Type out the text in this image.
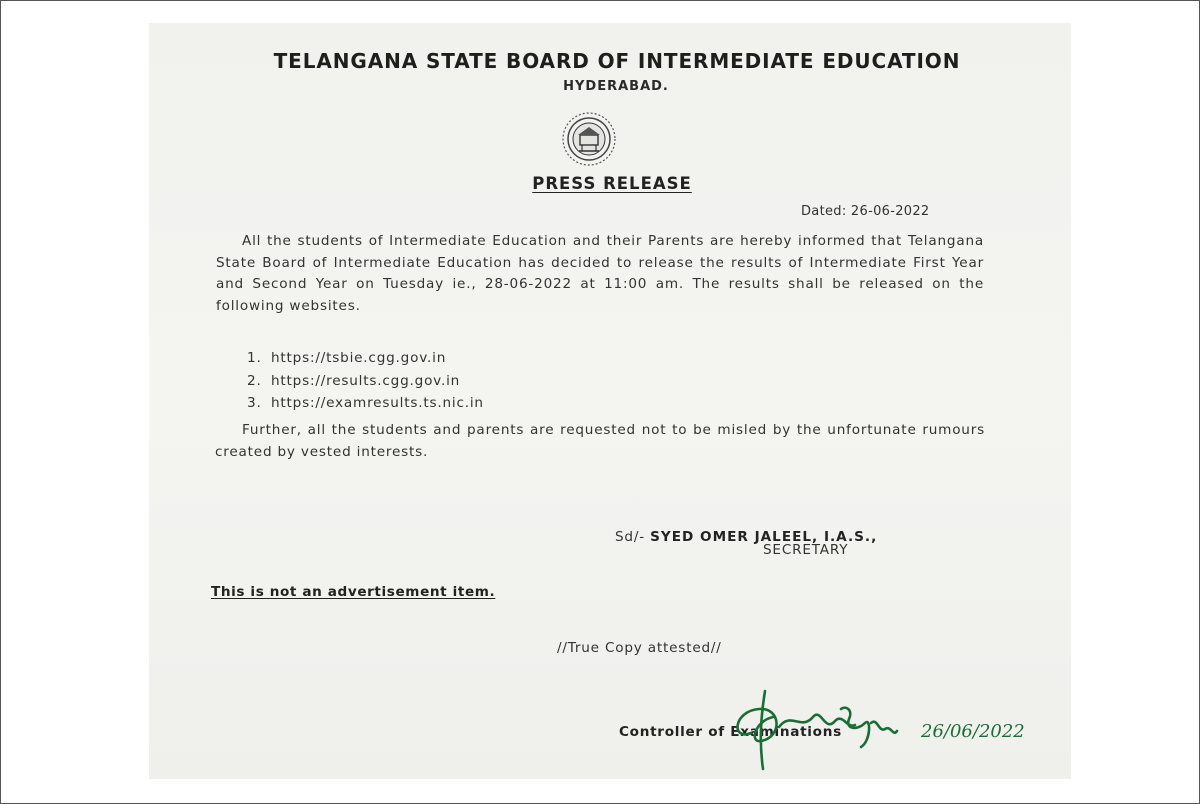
TELANGANA STATE BOARD OF INTERMEDIATE EDUCATION
HYDERABAD.
PRESS RELEASE
Dated: 26-06-2022
All the students of Intermediate Education and their Parents are hereby informed that Telangana State Board of Intermediate Education has decided to release the results of Intermediate First Year and Second Year on Tuesday ie., 28-06-2022 at 11:00 am. The results shall be released on the following websites.
1. https://tsbie.cgg.gov.in
2. https://results.cgg.gov.in
3. https://examresults.ts.nic.in
Further, all the students and parents are requested not to be misled by the unfortunate rumours created by vested interests.
Sd/- SYED OMER JALEEL, I.A.S.,
SECRETARY
This is not an advertisement item.
//True Copy attested//
Controller of Examinations	26/06/2022
